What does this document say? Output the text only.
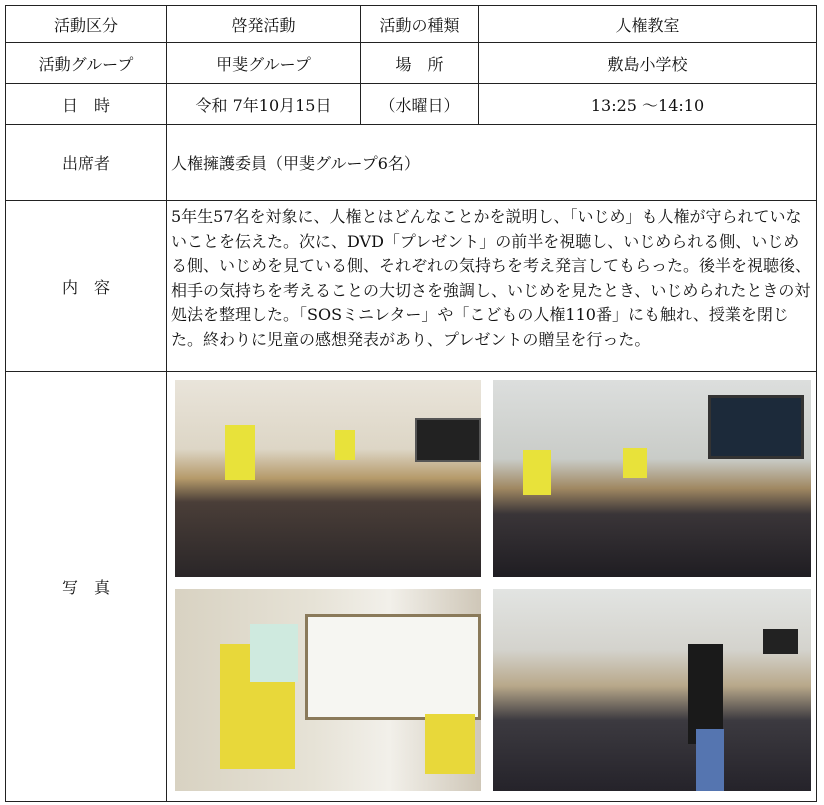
活動区分	啓発活動	活動の種類	人権教室
活動グループ	甲斐グループ	場　所	敷島小学校
日　時	令和 7年10月15日	（水曜日）	13:25 ～14:10
出席者	人権擁護委員（甲斐グループ6名）		
内　容	5年生57名を対象に、人権とはどんなことかを説明し、「いじめ」も人権が守られていないことを伝えた。次に、DVD「プレゼント」の前半を視聴し、いじめられる側、いじめる側、いじめを見ている側、それぞれの気持ちを考え発言してもらった。後半を視聴後、相手の気持ちを考えることの大切さを強調し、いじめを見たとき、いじめられたときの対処法を整理した。「SOSミニレター」や「こどもの人権110番」にも触れ、授業を閉じた。終わりに児童の感想発表があり、プレゼントの贈呈を行った。		
写　真			
